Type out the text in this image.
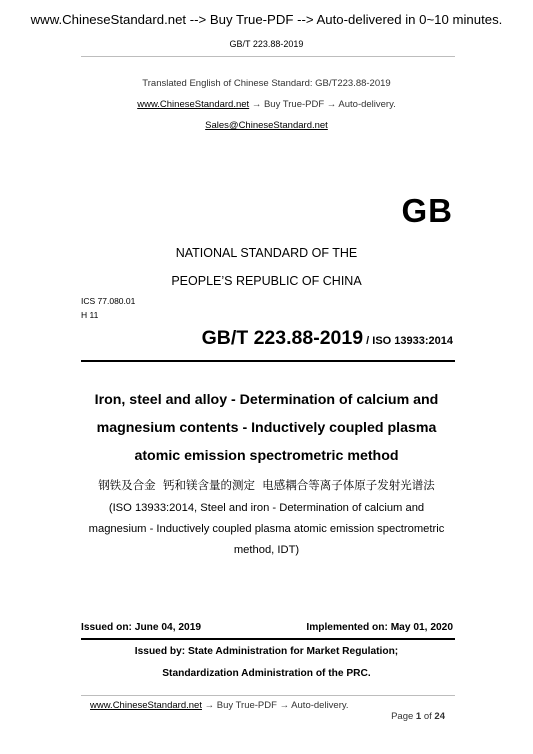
www.ChineseStandard.net --> Buy True-PDF --> Auto-delivered in 0~10 minutes.
GB/T 223.88-2019
Translated English of Chinese Standard: GB/T223.88-2019
www.ChineseStandard.net → Buy True-PDF → Auto-delivery.
Sales@ChineseStandard.net
GB
NATIONAL STANDARD OF THE
PEOPLE’S REPUBLIC OF CHINA
ICS 77.080.01
H 11
GB/T 223.88-2019 / ISO 13933:2014
Iron, steel and alloy - Determination of calcium and
magnesium contents - Inductively coupled plasma
atomic emission spectrometric method
钢铁及合金  钙和镁含量的测定  电感耦合等离子体原子发射光谱法
(ISO 13933:2014, Steel and iron - Determination of calcium and
magnesium - Inductively coupled plasma atomic emission spectrometric
method, IDT)
Issued on: June 04, 2019	Implemented on: May 01, 2020
Issued by: State Administration for Market Regulation;
Standardization Administration of the PRC.
www.ChineseStandard.net → Buy True-PDF → Auto-delivery.

Page 1 of 24
